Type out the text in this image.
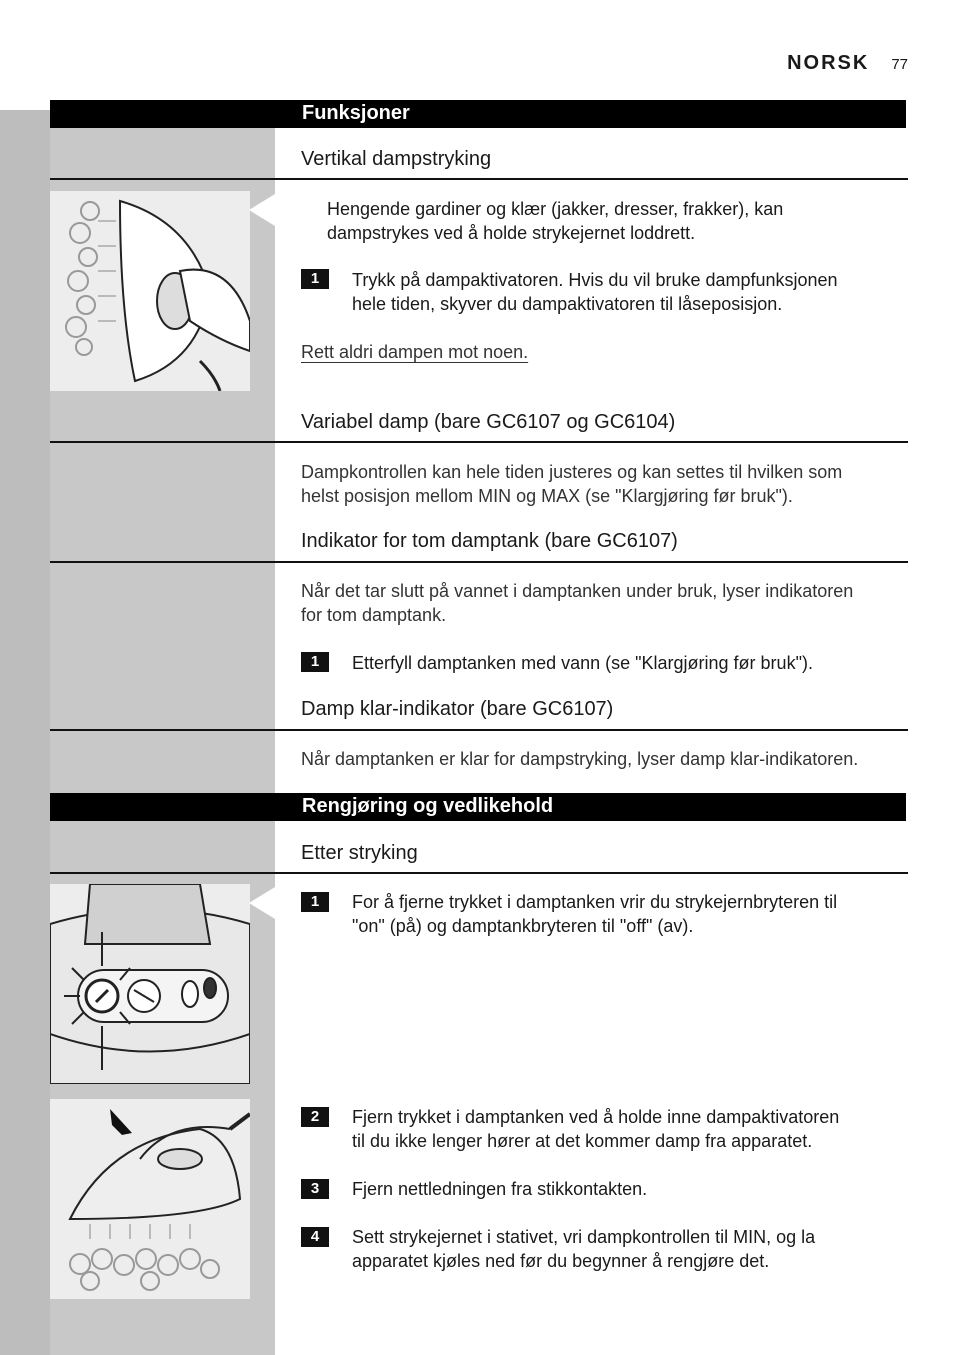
NORSK 77
Funksjoner
Vertikal dampstryking
Hengende gardiner og klær (jakker, dresser, frakker), kan
dampstrykes ved å holde strykejernet loddrett.
1	Trykk på dampaktivatoren. Hvis du vil bruke dampfunksjonen
hele tiden, skyver du dampaktivatoren til låseposisjon.
Rett aldri dampen mot noen.
Variabel damp (bare GC6107 og GC6104)
Dampkontrollen kan hele tiden justeres og kan settes til hvilken som
helst posisjon mellom MIN og MAX (se "Klargjøring før bruk").
Indikator for tom damptank (bare GC6107)
Når det tar slutt på vannet i damptanken under bruk, lyser indikatoren
for tom damptank.
1	Etterfyll damptanken med vann (se "Klargjøring før bruk").
Damp klar-indikator (bare GC6107)
Når damptanken er klar for dampstryking, lyser damp klar-indikatoren.
Rengjøring og vedlikehold
Etter stryking
1	For å fjerne trykket i damptanken vrir du strykejernbryteren til
"on" (på) og damptankbryteren til "off" (av).
2	Fjern trykket i damptanken ved å holde inne dampaktivatoren
til du ikke lenger hører at det kommer damp fra apparatet.
3	Fjern nettledningen fra stikkontakten.
4	Sett strykejernet i stativet, vri dampkontrollen til MIN, og la
apparatet kjøles ned før du begynner å rengjøre det.
